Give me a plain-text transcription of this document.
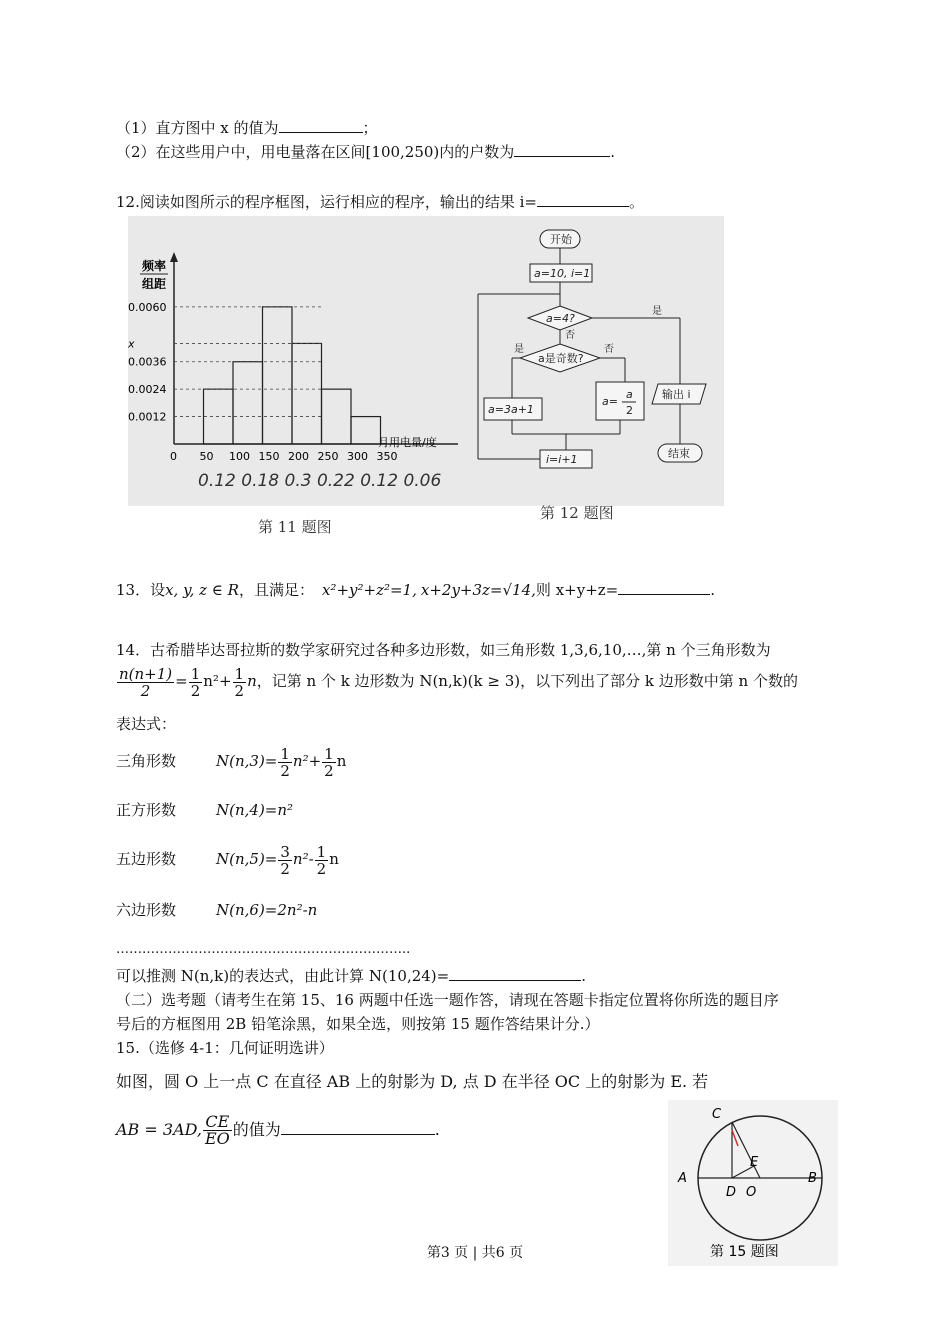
（1）直方图中 x 的值为	；
（2）在这些用户中，用电量落在区间[100,250)内的户数为	.
12.阅读如图所示的程序框图，运行相应的程序，输出的结果 i=	。
频率
组距
0.0060
x
0.0036
0.0024
0.0012
0 50 100 150 200 250 300 350
月用电量/度
0.12 0.18 0.3 0.22 0.12 0.06
第 11 题图
开始
a=10, i=1
a=4?
否
是
a是奇数?
是	否
a=3a+1
a=
a
2
i=i+1
输出 i
结束
第 12 题图
13．设x, y, z ∈ R，且满足： x²+y²+z²=1, x+2y+3z=√14,则 x+y+z=	.
14．古希腊毕达哥拉斯的数学家研究过各种多边形数，如三角形数 1,3,6,10,…,第 n 个三角形数为
$\frac{n(n+1)}{2} = \frac{1}{2} n^2+ \frac{1}{2}$ n，记第 n 个 k 边形数为 N(n,k)(k ≥ 3)，以下列出了部分 k 边形数中第 n 个数的
表达式：
三角形数	$N(n,3)= \frac{1}{2} n^2+ \frac{1}{2}$ n
正方形数	N(n,4)=n²
五边形数	$N(n,5)= \frac{3}{2} n^2- \frac{1}{2}$ n
六边形数	N(n,6)=2n²-n
…………………………………………………………..
可以推测 N(n,k)的表达式，由此计算 N(10,24)=	.
（二）选考题（请考生在第 15、16 两题中任选一题作答，请现在答题卡指定位置将你所选的题目序
号后的方框图用 2B 铅笔涂黑，如果全选，则按第 15 题作答结果计分.）
15.（选修 4-1：几何证明选讲）
如图，圆 O 上一点 C 在直径 AB 上的射影为 D, 点 D 在半径 OC 上的射影为 E. 若
AB = 3AD, $\frac{CE}{EO}$ 的值为	.
C
A	B
D
E
O
第 15 题图
第3 页 | 共6 页
